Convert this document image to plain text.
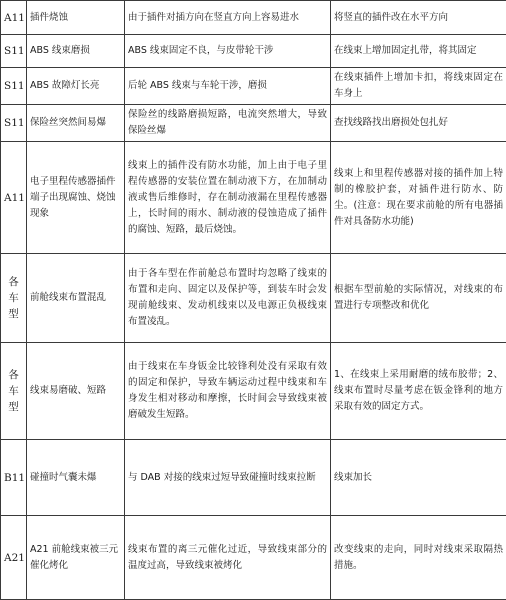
A11	插件烧蚀	由于插件对插方向在竖直方向上容易进水	将竖直的插件改在水平方向
S11	ABS 线束磨损	ABS 线束固定不良，与皮带轮干涉	在线束上增加固定扎带，将其固定
S11	ABS 故障灯长亮	后轮 ABS 线束与车轮干涉，磨损	在线束插件上增加卡扣，将线束固定在车身上
S11	保险丝突然间易爆	保险丝的线路磨损短路，电流突然增大，导致保险丝爆	查找线路找出磨损处包扎好
A11	电子里程传感器插件端子出现腐蚀、烧蚀现象	线束上的插件没有防水功能，加上由于电子里程传感器的安装位置在制动液下方，在加制动液或售后维修时，存在制动液漏在里程传感器上，长时间的雨水、制动液的侵蚀造成了插件的腐蚀、短路，最后烧蚀。	线束上和里程传感器对接的插件加上特制的橡胶护套，对插件进行防水、防尘。(注意：现在要求前舱的所有电器插件对具备防水功能)
各车型	前舱线束布置混乱	由于各车型在作前舱总布置时均忽略了线束的布置和走向、固定以及保护等，到装车时会发现前舱线束、发动机线束以及电源正负极线束布置凌乱。	根据车型前舱的实际情况，对线束的布置进行专项整改和优化
各车型	线束易磨破、短路	由于线束在车身钣金比较锋利处没有采取有效的固定和保护，导致车辆运动过程中线束和车身发生相对移动和摩擦，长时间会导致线束被磨破发生短路。	1、在线束上采用耐磨的绒布胶带；2、线束布置时尽量考虑在钣金锋利的地方采取有效的固定方式。
B11	碰撞时气囊未爆	与 DAB 对接的线束过短导致碰撞时线束拉断	线束加长
A21	A21 前舱线束被三元催化烤化	线束布置的离三元催化过近，导致线束部分的温度过高，导致线束被烤化	改变线束的走向，同时对线束采取隔热措施。
